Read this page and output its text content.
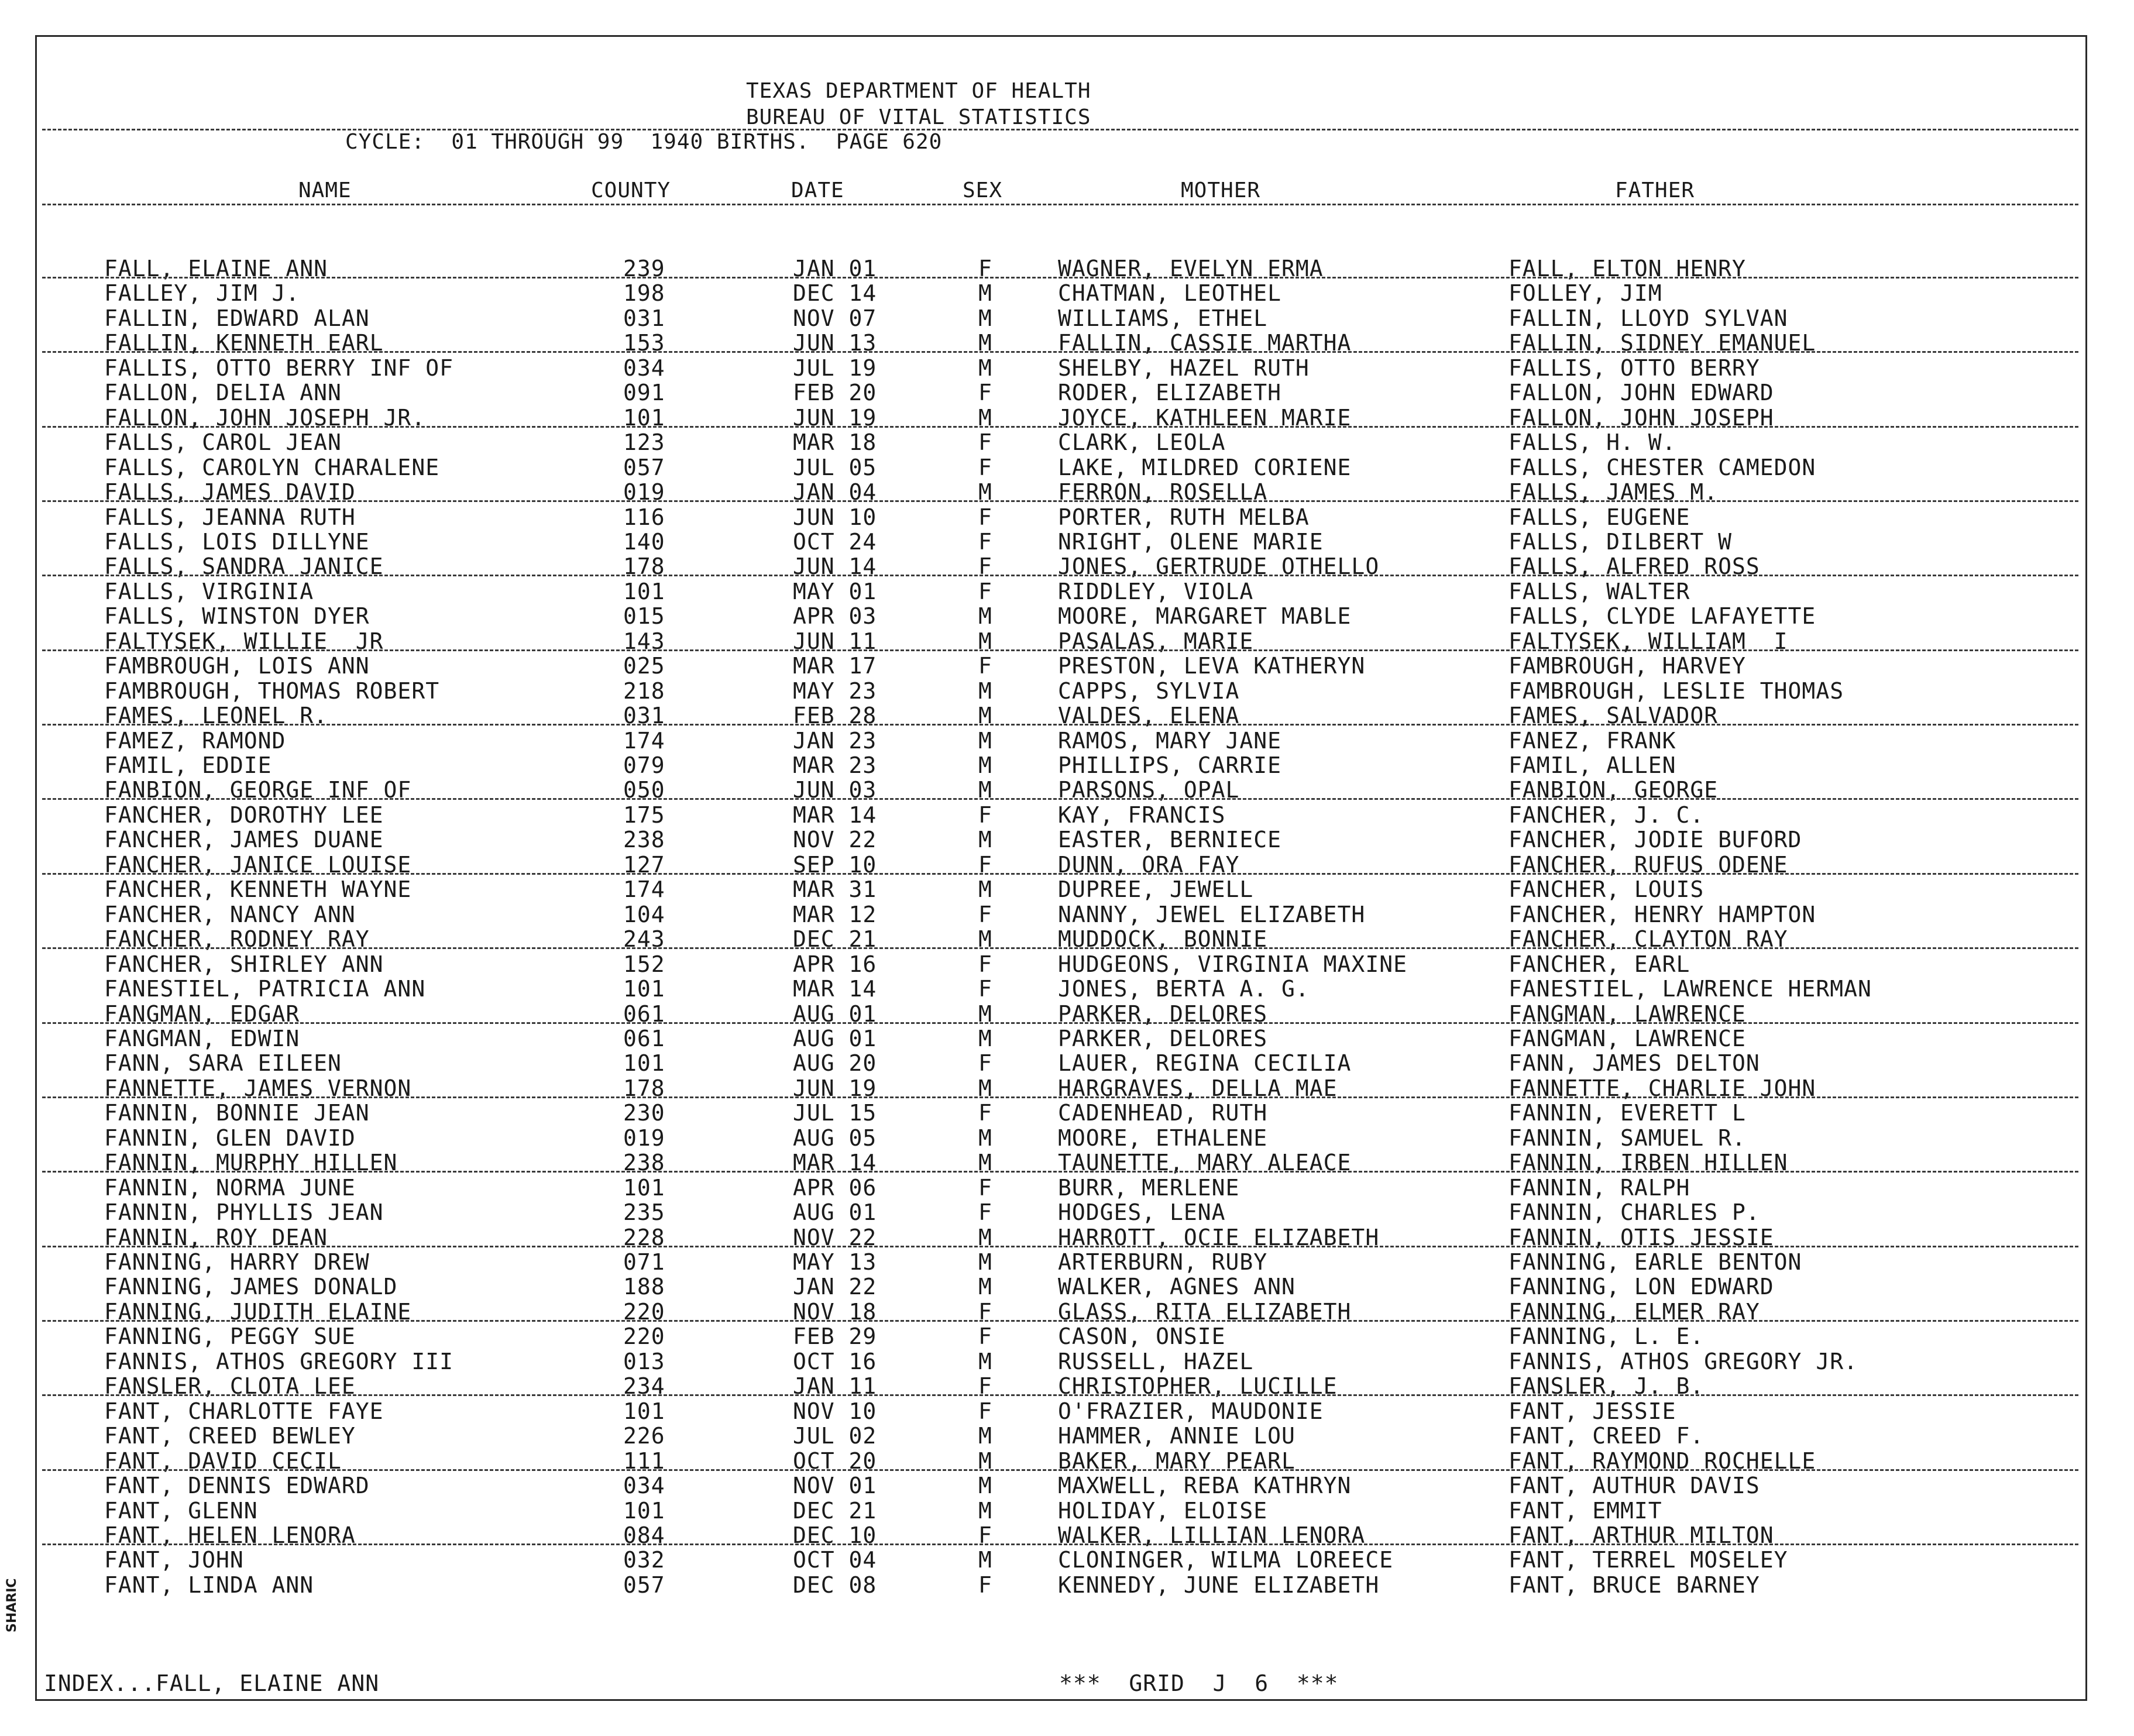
TEXAS DEPARTMENT OF HEALTH
BUREAU OF VITAL STATISTICS
CYCLE:  01 THROUGH 99  1940 BIRTHS.  PAGE 620
NAME	COUNTY	DATE	SEX	MOTHER	FATHER
FALL, ELAINE ANN	239	JAN 01	F	WAGNER, EVELYN ERMA	FALL, ELTON HENRY
FALLEY, JIM J.	198	DEC 14	M	CHATMAN, LEOTHEL	FOLLEY, JIM
FALLIN, EDWARD ALAN	031	NOV 07	M	WILLIAMS, ETHEL	FALLIN, LLOYD SYLVAN
FALLIN, KENNETH EARL	153	JUN 13	M	FALLIN, CASSIE MARTHA	FALLIN, SIDNEY EMANUEL
FALLIS, OTTO BERRY INF OF	034	JUL 19	M	SHELBY, HAZEL RUTH	FALLIS, OTTO BERRY
FALLON, DELIA ANN	091	FEB 20	F	RODER, ELIZABETH	FALLON, JOHN EDWARD
FALLON, JOHN JOSEPH JR.	101	JUN 19	M	JOYCE, KATHLEEN MARIE	FALLON, JOHN JOSEPH
FALLS, CAROL JEAN	123	MAR 18	F	CLARK, LEOLA	FALLS, H. W.
FALLS, CAROLYN CHARALENE	057	JUL 05	F	LAKE, MILDRED CORIENE	FALLS, CHESTER CAMEDON
FALLS, JAMES DAVID	019	JAN 04	M	FERRON, ROSELLA	FALLS, JAMES M.
FALLS, JEANNA RUTH	116	JUN 10	F	PORTER, RUTH MELBA	FALLS, EUGENE
FALLS, LOIS DILLYNE	140	OCT 24	F	NRIGHT, OLENE MARIE	FALLS, DILBERT W
FALLS, SANDRA JANICE	178	JUN 14	F	JONES, GERTRUDE OTHELLO	FALLS, ALFRED ROSS
FALLS, VIRGINIA	101	MAY 01	F	RIDDLEY, VIOLA	FALLS, WALTER
FALLS, WINSTON DYER	015	APR 03	M	MOORE, MARGARET MABLE	FALLS, CLYDE LAFAYETTE
FALTYSEK, WILLIE  JR	143	JUN 11	M	PASALAS, MARIE	FALTYSEK, WILLIAM  I
FAMBROUGH, LOIS ANN	025	MAR 17	F	PRESTON, LEVA KATHERYN	FAMBROUGH, HARVEY
FAMBROUGH, THOMAS ROBERT	218	MAY 23	M	CAPPS, SYLVIA	FAMBROUGH, LESLIE THOMAS
FAMES, LEONEL R.	031	FEB 28	M	VALDES, ELENA	FAMES, SALVADOR
FAMEZ, RAMOND	174	JAN 23	M	RAMOS, MARY JANE	FANEZ, FRANK
FAMIL, EDDIE	079	MAR 23	M	PHILLIPS, CARRIE	FAMIL, ALLEN
FANBION, GEORGE INF OF	050	JUN 03	M	PARSONS, OPAL	FANBION, GEORGE
FANCHER, DOROTHY LEE	175	MAR 14	F	KAY, FRANCIS	FANCHER, J. C.
FANCHER, JAMES DUANE	238	NOV 22	M	EASTER, BERNIECE	FANCHER, JODIE BUFORD
FANCHER, JANICE LOUISE	127	SEP 10	F	DUNN, ORA FAY	FANCHER, RUFUS ODENE
FANCHER, KENNETH WAYNE	174	MAR 31	M	DUPREE, JEWELL	FANCHER, LOUIS
FANCHER, NANCY ANN	104	MAR 12	F	NANNY, JEWEL ELIZABETH	FANCHER, HENRY HAMPTON
FANCHER, RODNEY RAY	243	DEC 21	M	MUDDOCK, BONNIE	FANCHER, CLAYTON RAY
FANCHER, SHIRLEY ANN	152	APR 16	F	HUDGEONS, VIRGINIA MAXINE	FANCHER, EARL
FANESTIEL, PATRICIA ANN	101	MAR 14	F	JONES, BERTA A. G.	FANESTIEL, LAWRENCE HERMAN
FANGMAN, EDGAR	061	AUG 01	M	PARKER, DELORES	FANGMAN, LAWRENCE
FANGMAN, EDWIN	061	AUG 01	M	PARKER, DELORES	FANGMAN, LAWRENCE
FANN, SARA EILEEN	101	AUG 20	F	LAUER, REGINA CECILIA	FANN, JAMES DELTON
FANNETTE, JAMES VERNON	178	JUN 19	M	HARGRAVES, DELLA MAE	FANNETTE, CHARLIE JOHN
FANNIN, BONNIE JEAN	230	JUL 15	F	CADENHEAD, RUTH	FANNIN, EVERETT L
FANNIN, GLEN DAVID	019	AUG 05	M	MOORE, ETHALENE	FANNIN, SAMUEL R.
FANNIN, MURPHY HILLEN	238	MAR 14	M	TAUNETTE, MARY ALEACE	FANNIN, IRBEN HILLEN
FANNIN, NORMA JUNE	101	APR 06	F	BURR, MERLENE	FANNIN, RALPH
FANNIN, PHYLLIS JEAN	235	AUG 01	F	HODGES, LENA	FANNIN, CHARLES P.
FANNIN, ROY DEAN	228	NOV 22	M	HARROTT, OCIE ELIZABETH	FANNIN, OTIS JESSIE
FANNING, HARRY DREW	071	MAY 13	M	ARTERBURN, RUBY	FANNING, EARLE BENTON
FANNING, JAMES DONALD	188	JAN 22	M	WALKER, AGNES ANN	FANNING, LON EDWARD
FANNING, JUDITH ELAINE	220	NOV 18	F	GLASS, RITA ELIZABETH	FANNING, ELMER RAY
FANNING, PEGGY SUE	220	FEB 29	F	CASON, ONSIE	FANNING, L. E.
FANNIS, ATHOS GREGORY III	013	OCT 16	M	RUSSELL, HAZEL	FANNIS, ATHOS GREGORY JR.
FANSLER, CLOTA LEE	234	JAN 11	F	CHRISTOPHER, LUCILLE	FANSLER, J. B.
FANT, CHARLOTTE FAYE	101	NOV 10	F	O'FRAZIER, MAUDONIE	FANT, JESSIE
FANT, CREED BEWLEY	226	JUL 02	M	HAMMER, ANNIE LOU	FANT, CREED F.
FANT, DAVID CECIL	111	OCT 20	M	BAKER, MARY PEARL	FANT, RAYMOND ROCHELLE
FANT, DENNIS EDWARD	034	NOV 01	M	MAXWELL, REBA KATHRYN	FANT, AUTHUR DAVIS
FANT, GLENN	101	DEC 21	M	HOLIDAY, ELOISE	FANT, EMMIT
FANT, HELEN LENORA	084	DEC 10	F	WALKER, LILLIAN LENORA	FANT, ARTHUR MILTON
FANT, JOHN	032	OCT 04	M	CLONINGER, WILMA LOREECE	FANT, TERREL MOSELEY
FANT, LINDA ANN	057	DEC 08	F	KENNEDY, JUNE ELIZABETH	FANT, BRUCE BARNEY
INDEX...FALL, ELAINE ANN	***  GRID  J  6  ***
SHARIC
